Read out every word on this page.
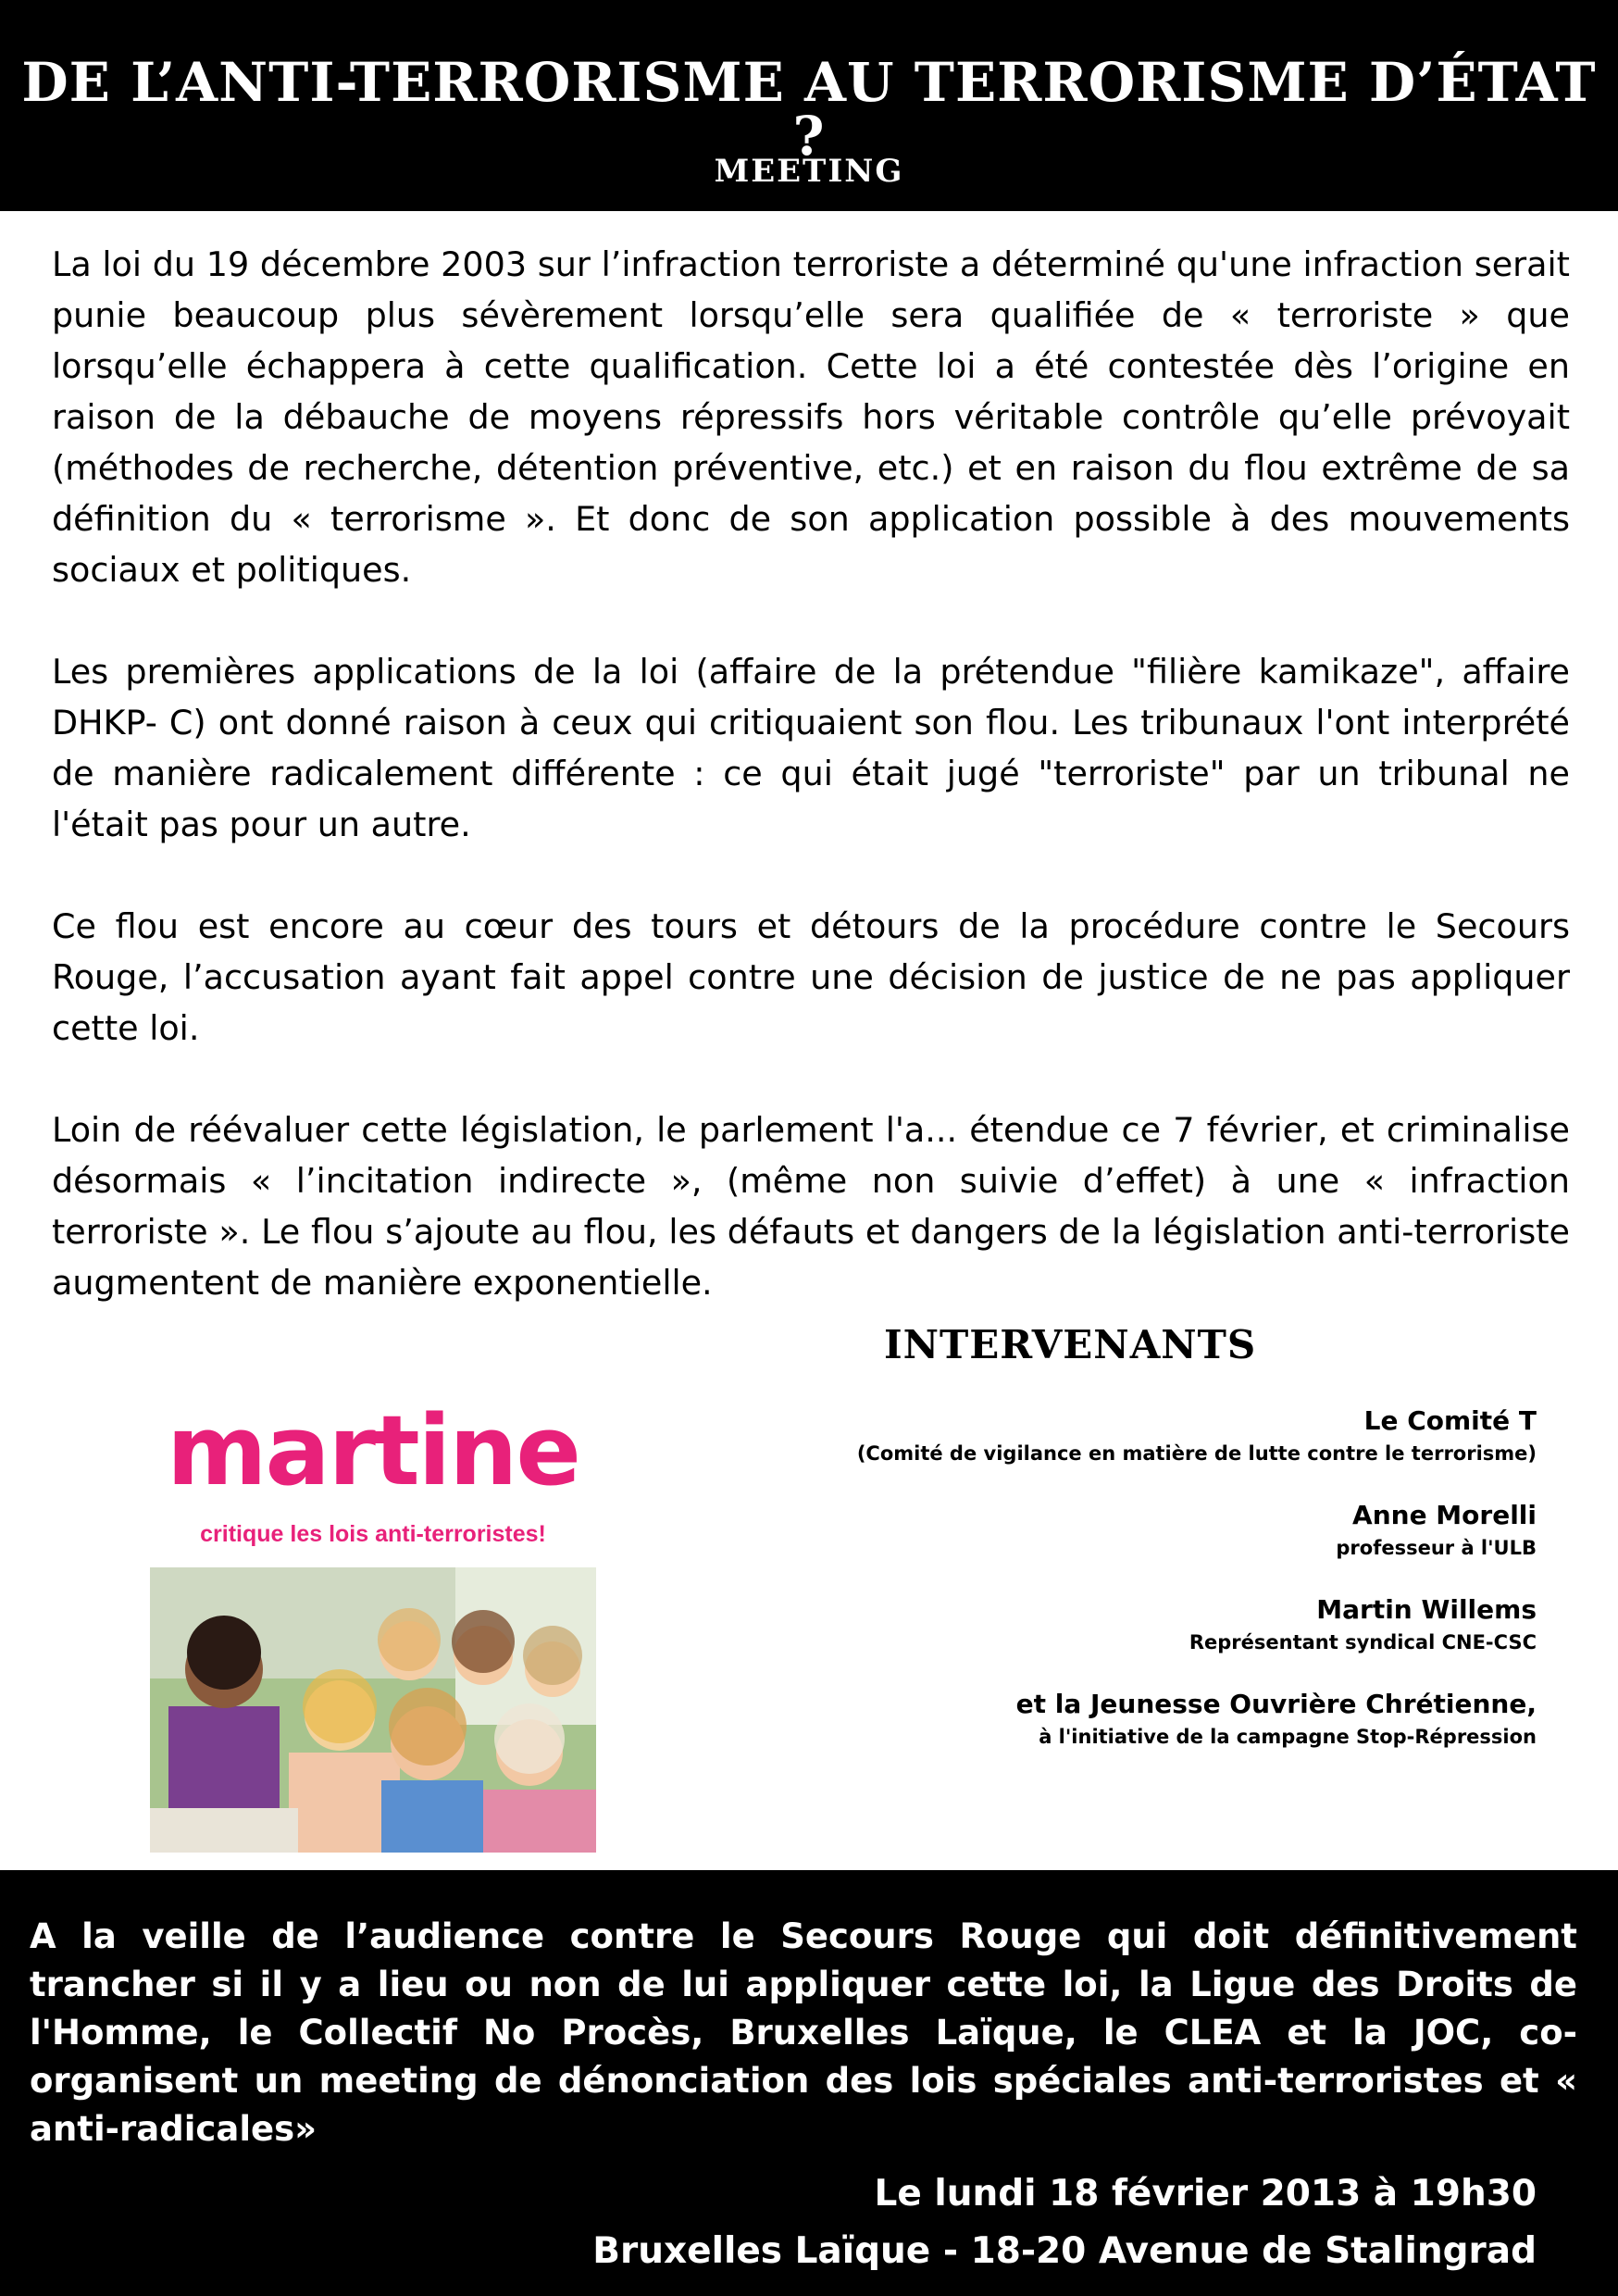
DE L’ANTI-TERRORISME AU TERRORISME D’ÉTAT ?
MEETING

La loi du 19 décembre 2003 sur l’infraction terroriste a déterminé qu'une infraction serait punie beaucoup plus sévèrement lorsqu’elle sera qualifiée de « terroriste » que lorsqu’elle échappera à cette qualification. Cette loi a été contestée dès l’origine en raison de la débauche de moyens répressifs hors véritable contrôle qu’elle prévoyait (méthodes de recherche, détention préventive, etc.) et en raison du flou extrême de sa définition du « terrorisme ». Et donc de son application possible à des mouvements sociaux et politiques.

Les premières applications de la loi (affaire de la prétendue "filière kamikaze", affaire DHKP- C) ont donné raison à ceux qui critiquaient son flou. Les tribunaux l'ont interprété de manière radicalement différente : ce qui était jugé "terroriste" par un tribunal ne l'était pas pour un autre.

Ce flou est encore au cœur des tours et détours de la procédure contre le Secours Rouge, l’accusation ayant fait appel contre une décision de justice de ne pas appliquer cette loi.

Loin de réévaluer cette législation, le parlement l'a... étendue ce 7 février, et criminalise désormais « l’incitation indirecte », (même non suivie d’effet) à une « infraction terroriste ». Le flou s’ajoute au flou, les défauts et dangers de la législation anti-terroriste augmentent de manière exponentielle.

INTERVENANTS
Le Comité T
(Comité de vigilance en matière de lutte contre le terrorisme)
Anne Morelli
professeur à l'ULB
Martin Willems
Représentant syndical CNE-CSC
et la Jeunesse Ouvrière Chrétienne,
à l'initiative de la campagne Stop-Répression
martine
critique les lois anti-terroristes!
A la veille de l’audience contre le Secours Rouge qui doit définitivement trancher si il y a lieu ou non de lui appliquer cette loi, la Ligue des Droits de l'Homme, le Collectif No Procès, Bruxelles Laïque, le CLEA et la JOC, co-organisent un meeting de dénonciation des lois spéciales anti-terroristes et « anti-radicales»
Le lundi 18 février 2013 à 19h30
Bruxelles Laïque - 18-20 Avenue de Stalingrad
